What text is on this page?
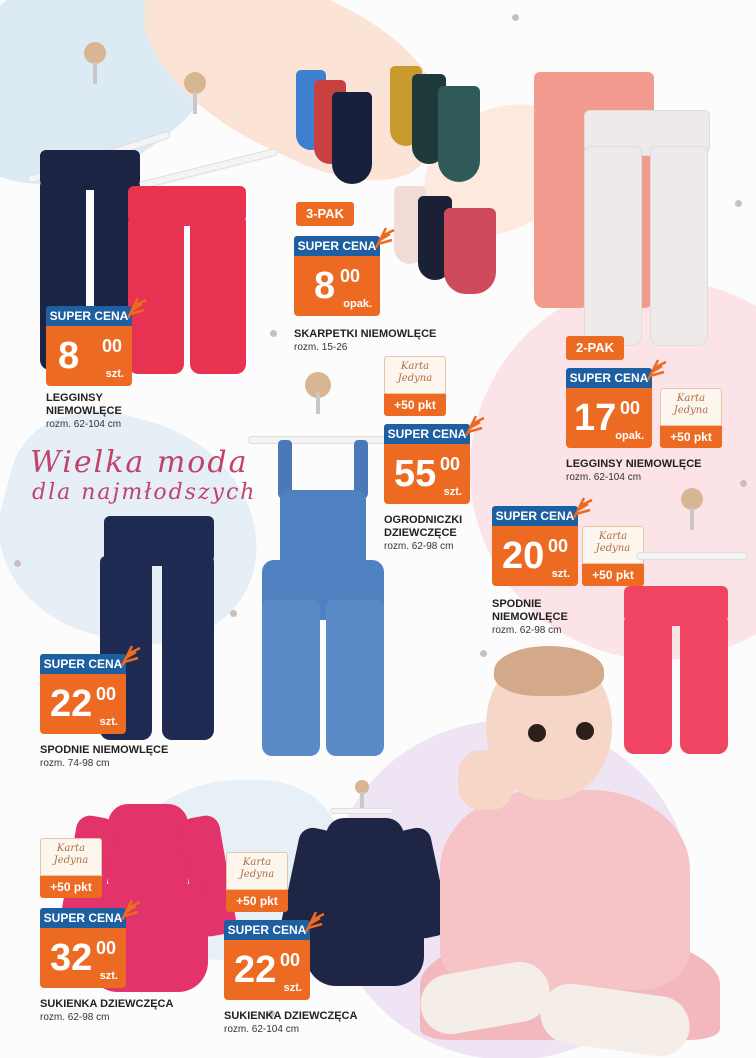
SUPER CENA
8 00
szt.
LEGGINSY
NIEMOWLĘCE
rozm. 62-104 cm
3-PAK
SUPER CENA
8 00
opak.
SKARPETKI NIEMOWLĘCE
rozm. 15-26	2-PAK
SUPER CENA
17 00
opak.
Karta
Jedyna
+50 pkt
LEGGINSY NIEMOWLĘCE
rozm. 62-104 cm
Wielka moda
dla najmłodszych
Karta
Jedyna
+50 pkt
SUPER CENA
55 00
szt.
OGRODNICZKI
DZIEWCZĘCE
rozm. 62-98 cm
SUPER CENA
20 00
szt.
Karta
Jedyna
+50 pkt
SPODNIE
NIEMOWLĘCE
rozm. 62-98 cm
SUPER CENA
22 00
szt.
SPODNIE NIEMOWLĘCE
rozm. 74-98 cm
Karta
Jedyna
+50 pkt
SUPER CENA
32 00
szt.
SUKIENKA DZIEWCZĘCA
rozm. 62-98 cm
Karta
Jedyna
+50 pkt
SUPER CENA
22 00
szt.
SUKIENKA DZIEWCZĘCA
rozm. 62-104 cm
